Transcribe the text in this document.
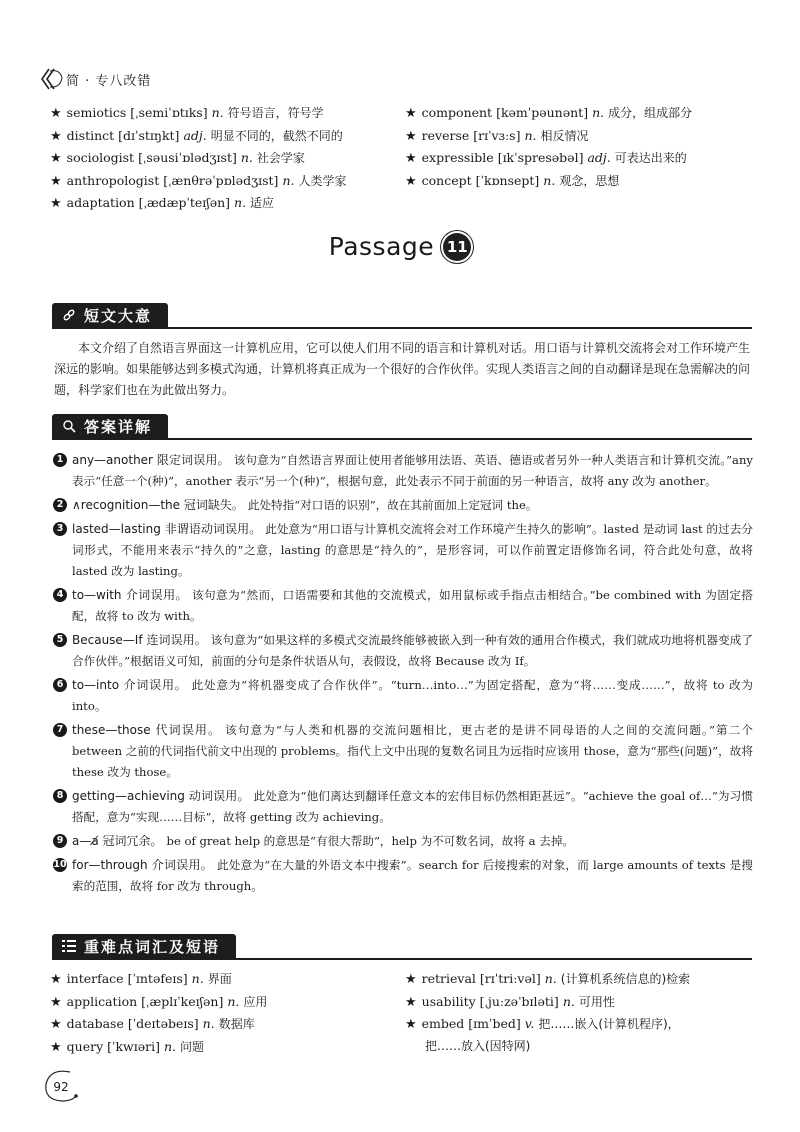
简 · 专八改错
★ semiotics [ˌsemiˈɒtɪks] n. 符号语言，符号学
★ distinct [dɪˈstɪŋkt] adj. 明显不同的，截然不同的
★ sociologist [ˌsəusiˈɒlədʒɪst] n. 社会学家
★ anthropologist [ˌænθrəˈpɒlədʒɪst] n. 人类学家
★ adaptation [ˌædæpˈteɪʃən] n. 适应
★ component [kəmˈpəunənt] n. 成分，组成部分
★ reverse [rɪˈvɜːs] n. 相反情况
★ expressible [ɪkˈspresəbəl] adj. 可表达出来的
★ concept [ˈkɒnsept] n. 观念，思想
Passage 11
短文大意

本文介绍了自然语言界面这一计算机应用，它可以使人们用不同的语言和计算机对话。用口语与计算机交流将会对工作环境产生深远的影响。如果能够达到多模式沟通，计算机将真正成为一个很好的合作伙伴。实现人类语言之间的自动翻译是现在急需解决的问题，科学家们也在为此做出努力。

答案详解

1 any—another 限定词误用。 该句意为“自然语言界面让使用者能够用法语、英语、德语或者另外一种人类语言和计算机交流。”any 表示“任意一个(种)”，another 表示“另一个(种)”，根据句意，此处表示不同于前面的另一种语言，故将 any 改为 another。

2 ∧recognition—the 冠词缺失。 此处特指“对口语的识别”，故在其前面加上定冠词 the。

3 lasted—lasting 非谓语动词误用。 此处意为“用口语与计算机交流将会对工作环境产生持久的影响”。lasted 是动词 last 的过去分词形式，不能用来表示“持久的”之意，lasting 的意思是“持久的”，是形容词，可以作前置定语修饰名词，符合此处句意，故将 lasted 改为 lasting。

4 to—with 介词误用。 该句意为“然而，口语需要和其他的交流模式，如用鼠标或手指点击相结合。”be combined with 为固定搭配，故将 to 改为 with。

5 Because—If 连词误用。 该句意为“如果这样的多模式交流最终能够被嵌入到一种有效的通用合作模式，我们就成功地将机器变成了合作伙伴。”根据语义可知，前面的分句是条件状语从句，表假设，故将 Because 改为 If。

6 to—into 介词误用。 此处意为“将机器变成了合作伙伴”。“turn…into…”为固定搭配，意为“将……变成……”，故将 to 改为 into。

7 these—those 代词误用。 该句意为“与人类和机器的交流问题相比，更古老的是讲不同母语的人之间的交流问题。”第二个 between 之前的代词指代前文中出现的 problems。指代上文中出现的复数名词且为远指时应该用 those，意为“那些(问题)”，故将 these 改为 those。

8 getting—achieving 动词误用。 此处意为“他们离达到翻译任意文本的宏伟目标仍然相距甚远”。“achieve the goal of…”为习惯搭配，意为“实现……目标”，故将 getting 改为 achieving。

9 a—a̸ 冠词冗余。 be of great help 的意思是“有很大帮助”，help 为不可数名词，故将 a 去掉。

10 for—through 介词误用。 此处意为“在大量的外语文本中搜索”。search for 后接搜索的对象，而 large amounts of texts 是搜索的范围，故将 for 改为 through。

重难点词汇及短语
★ interface [ˈɪntəfeɪs] n. 界面
★ application [ˌæplɪˈkeɪʃən] n. 应用
★ database [ˈdeɪtəbeɪs] n. 数据库
★ query [ˈkwɪəri] n. 问题
★ retrieval [rɪˈtriːvəl] n. (计算机系统信息的)检索
★ usability [ˌjuːzəˈbɪləti] n. 可用性
★ embed [ɪmˈbed] v. 把……嵌入(计算机程序)，
把……放入(因特网)
92
